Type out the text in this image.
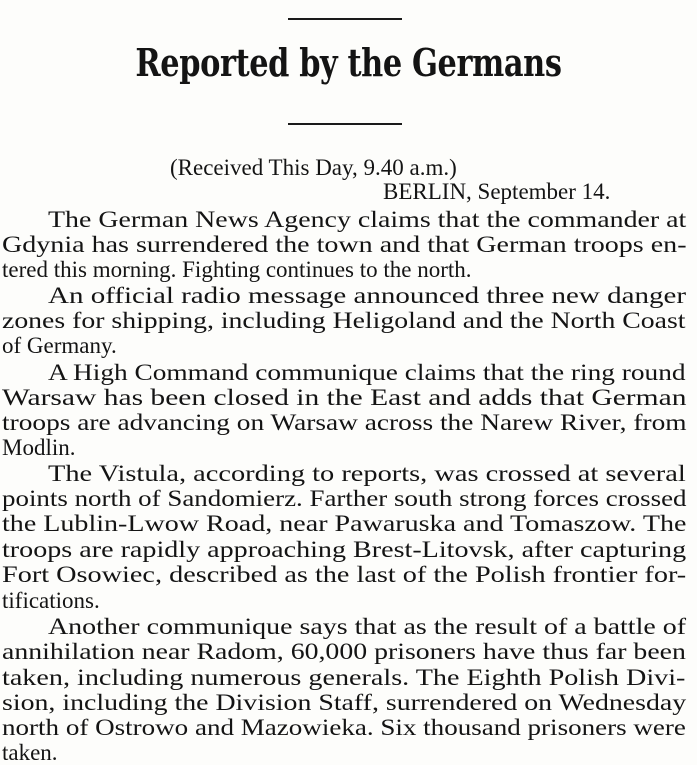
Reported by the Germans
(Received This Day, 9.40 a.m.)
BERLIN, September 14.
The German News Agency claims that the commander at
Gdynia has surrendered the town and that German troops en-
tered this morning. Fighting continues to the north.
An official radio message announced three new danger
zones for shipping, including Heligoland and the North Coast
of Germany.
A High Command communique claims that the ring round
Warsaw has been closed in the East and adds that German
troops are advancing on Warsaw across the Narew River, from
Modlin.
The Vistula, according to reports, was crossed at several
points north of Sandomierz. Farther south strong forces crossed
the Lublin-Lwow Road, near Pawaruska and Tomaszow. The
troops are rapidly approaching Brest-Litovsk, after capturing
Fort Osowiec, described as the last of the Polish frontier for-
tifications.
Another communique says that as the result of a battle of
annihilation near Radom, 60,000 prisoners have thus far been
taken, including numerous generals. The Eighth Polish Divi-
sion, including the Division Staff, surrendered on Wednesday
north of Ostrowo and Mazowieka. Six thousand prisoners were
taken.
